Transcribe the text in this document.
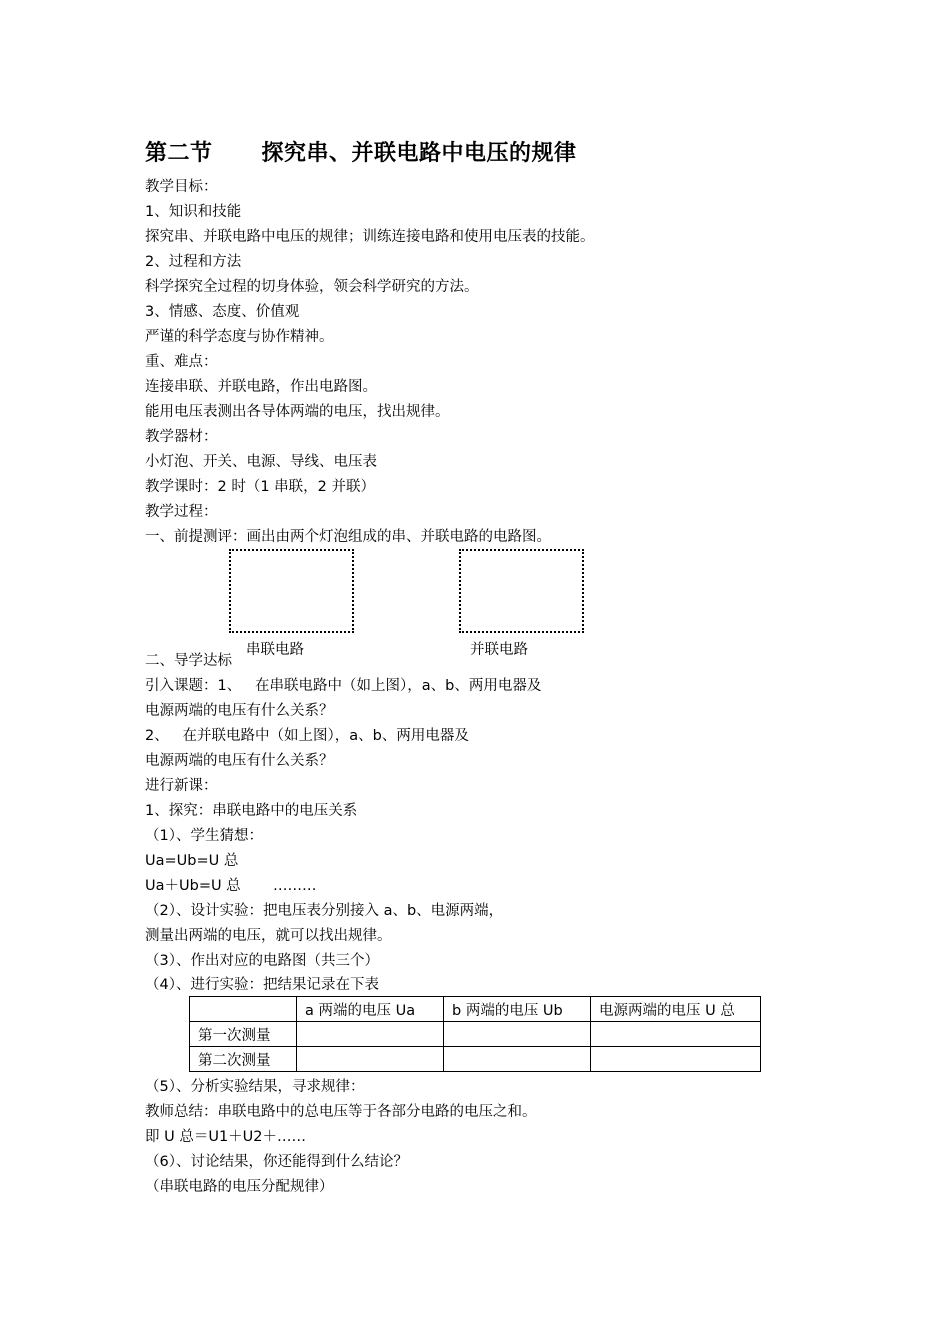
第二节      探究串、并联电路中电压的规律
教学目标：
1、知识和技能
探究串、并联电路中电压的规律；训练连接电路和使用电压表的技能。
2、过程和方法
科学探究全过程的切身体验，领会科学研究的方法。
3、情感、态度、价值观
严谨的科学态度与协作精神。
重、难点：
连接串联、并联电路，作出电路图。
能用电压表测出各导体两端的电压，找出规律。
教学器材：
小灯泡、开关、电源、导线、电压表
教学课时：2 时（1 串联，2 并联）
教学过程：
一、前提测评：画出由两个灯泡组成的串、并联电路的电路图。
串联电路	并联电路
二、导学达标
引入课题：1、   在串联电路中（如上图），a、b、两用电器及
电源两端的电压有什么关系？
2、   在并联电路中（如上图），a、b、两用电器及
电源两端的电压有什么关系？
进行新课：
1、探究：串联电路中的电压关系
（1）、学生猜想：
Ua=Ub=U 总
Ua＋Ub=U 总       ………
（2）、设计实验：把电压表分别接入 a、b、电源两端，
测量出两端的电压，就可以找出规律。
（3）、作出对应的电路图（共三个）
（4）、进行实验：把结果记录在下表
	a 两端的电压 Ua	b 两端的电压 Ub	电源两端的电压 U 总
第一次测量			
第二次测量			
（5）、分析实验结果，寻求规律：
教师总结：串联电路中的总电压等于各部分电路的电压之和。
即 U 总＝U1＋U2＋……
（6）、讨论结果，你还能得到什么结论？
（串联电路的电压分配规律）
